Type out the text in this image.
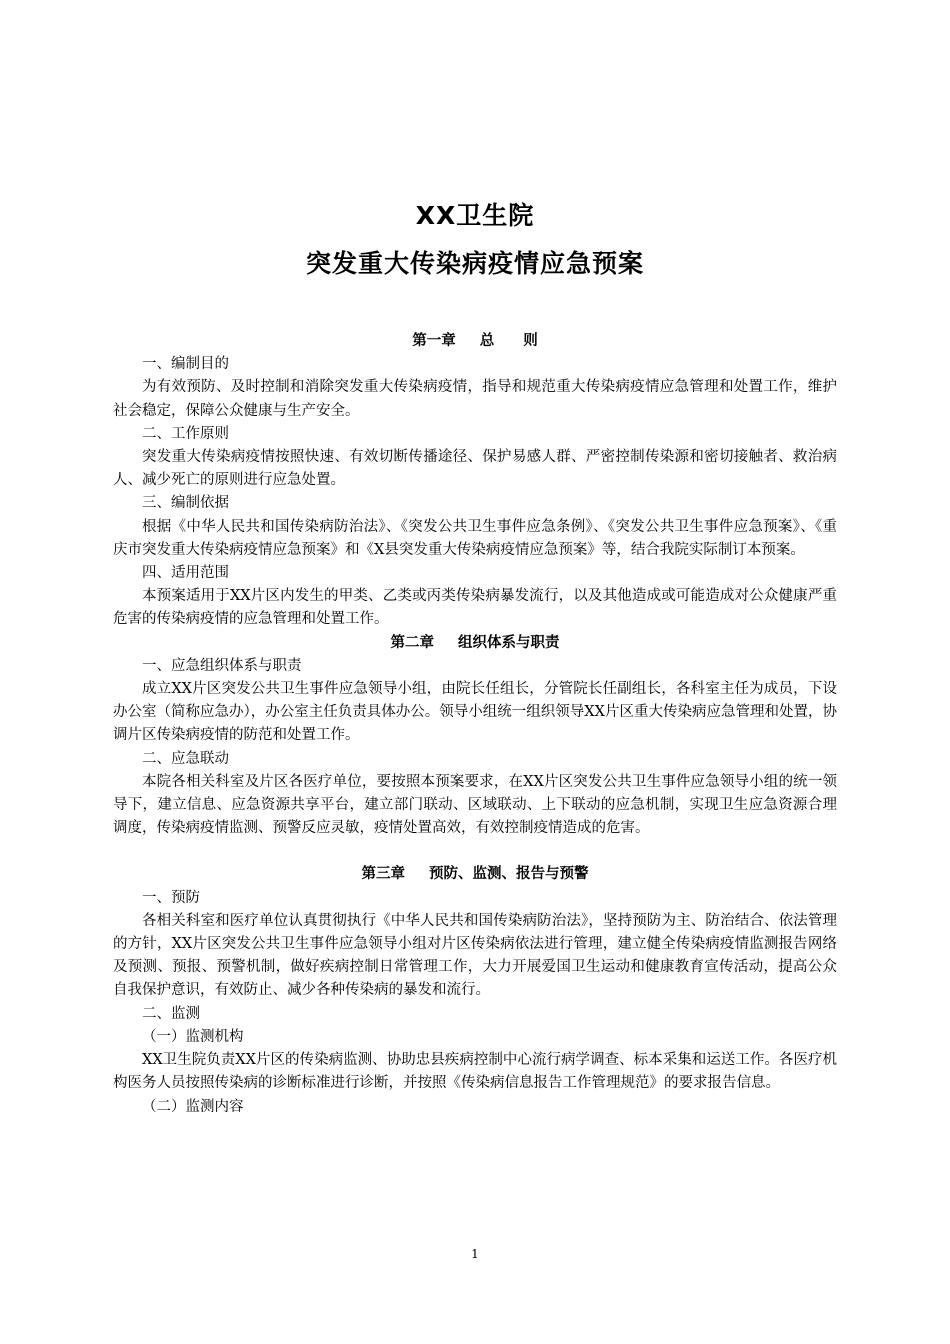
XX卫生院
突发重大传染病疫情应急预案

第一章 总　　则

一、编制目的

为有效预防、及时控制和消除突发重大传染病疫情，指导和规范重大传染病疫情应急管理和处置工作，维护社会稳定，保障公众健康与生产安全。

二、工作原则

突发重大传染病疫情按照快速、有效切断传播途径、保护易感人群、严密控制传染源和密切接触者、救治病人、减少死亡的原则进行应急处置。

三、编制依据

根据《中华人民共和国传染病防治法》、《突发公共卫生事件应急条例》、《突发公共卫生事件应急预案》、《重庆市突发重大传染病疫情应急预案》和《X县突发重大传染病疫情应急预案》等，结合我院实际制订本预案。

四、适用范围

本预案适用于XX片区内发生的甲类、乙类或丙类传染病暴发流行，以及其他造成或可能造成对公众健康严重危害的传染病疫情的应急管理和处置工作。

第二章 组织体系与职责

一、应急组织体系与职责

成立XX片区突发公共卫生事件应急领导小组，由院长任组长，分管院长任副组长，各科室主任为成员，下设办公室（简称应急办），办公室主任负责具体办公。领导小组统一组织领导XX片区重大传染病应急管理和处置，协调片区传染病疫情的防范和处置工作。

二、应急联动

本院各相关科室及片区各医疗单位，要按照本预案要求，在XX片区突发公共卫生事件应急领导小组的统一领导下，建立信息、应急资源共享平台，建立部门联动、区域联动、上下联动的应急机制，实现卫生应急资源合理调度，传染病疫情监测、预警反应灵敏，疫情处置高效，有效控制疫情造成的危害。

第三章 预防、监测、报告与预警

一、预防

各相关科室和医疗单位认真贯彻执行《中华人民共和国传染病防治法》，坚持预防为主、防治结合、依法管理的方针，XX片区突发公共卫生事件应急领导小组对片区传染病依法进行管理，建立健全传染病疫情监测报告网络及预测、预报、预警机制，做好疾病控制日常管理工作，大力开展爱国卫生运动和健康教育宣传活动，提高公众自我保护意识，有效防止、减少各种传染病的暴发和流行。

二、监测

（一）监测机构

XX卫生院负责XX片区的传染病监测、协助忠县疾病控制中心流行病学调查、标本采集和运送工作。各医疗机构医务人员按照传染病的诊断标准进行诊断，并按照《传染病信息报告工作管理规范》的要求报告信息。

（二）监测内容

1
